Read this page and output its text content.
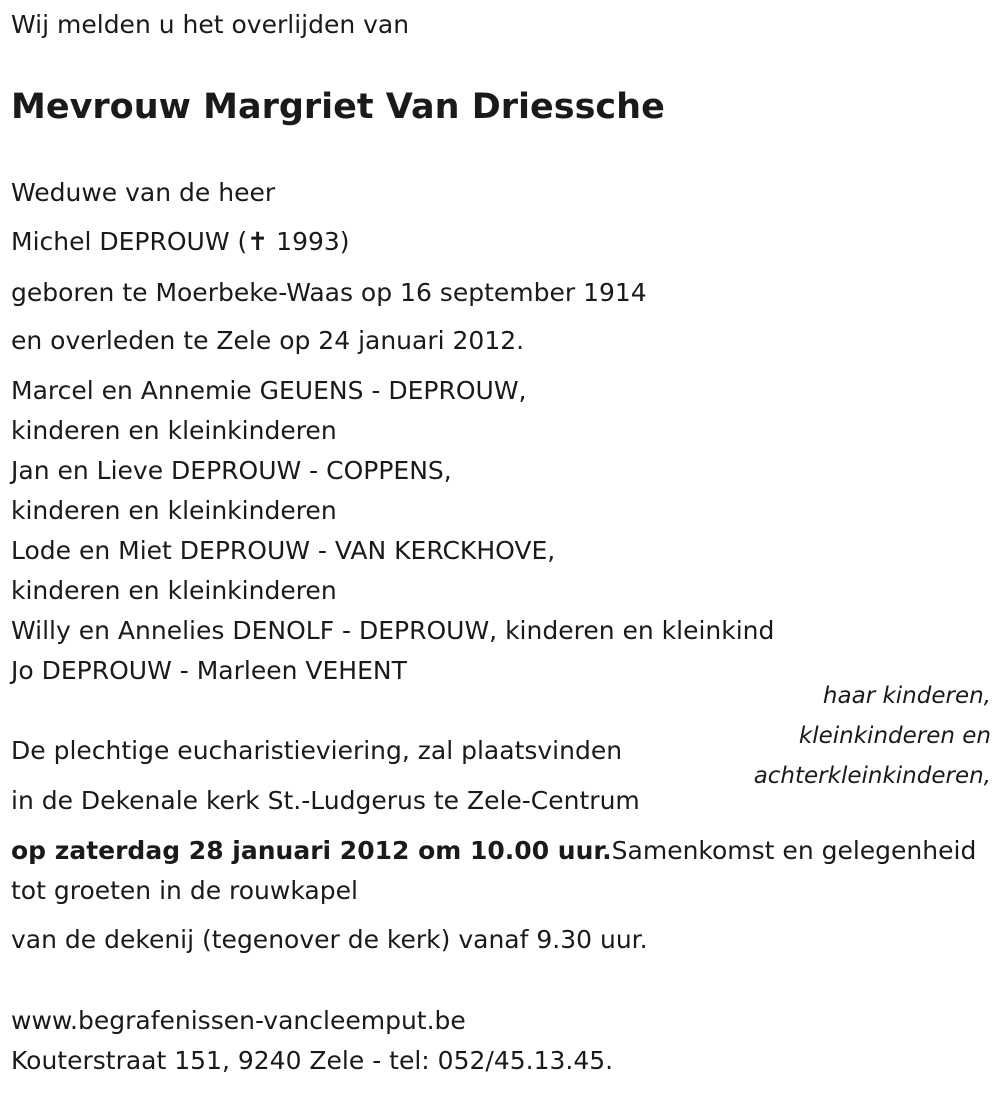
Wij melden u het overlijden van

Mevrouw Margriet Van Driessche

Weduwe van de heer

Michel DEPROUW (✝ 1993)

geboren te Moerbeke-Waas op 16 september 1914

en overleden te Zele op 24 januari 2012.

Marcel en Annemie GEUENS - DEPROUW,

kinderen en kleinkinderen

Jan en Lieve DEPROUW - COPPENS,

kinderen en kleinkinderen

Lode en Miet DEPROUW - VAN KERCKHOVE,

kinderen en kleinkinderen

Willy en Annelies DENOLF - DEPROUW, kinderen en kleinkind

Jo DEPROUW - Marleen VEHENT

haar kinderen,
kleinkinderen en
achterkleinkinderen,

De plechtige eucharistieviering, zal plaatsvinden

in de Dekenale kerk St.-Ludgerus te Zele-Centrum

op zaterdag 28 januari 2012 om 10.00 uur.Samenkomst en gelegenheid

tot groeten in de rouwkapel

van de dekenij (tegenover de kerk) vanaf 9.30 uur.

www.begrafenissen-vancleemput.be

Kouterstraat 151, 9240 Zele - tel: 052/45.13.45.
